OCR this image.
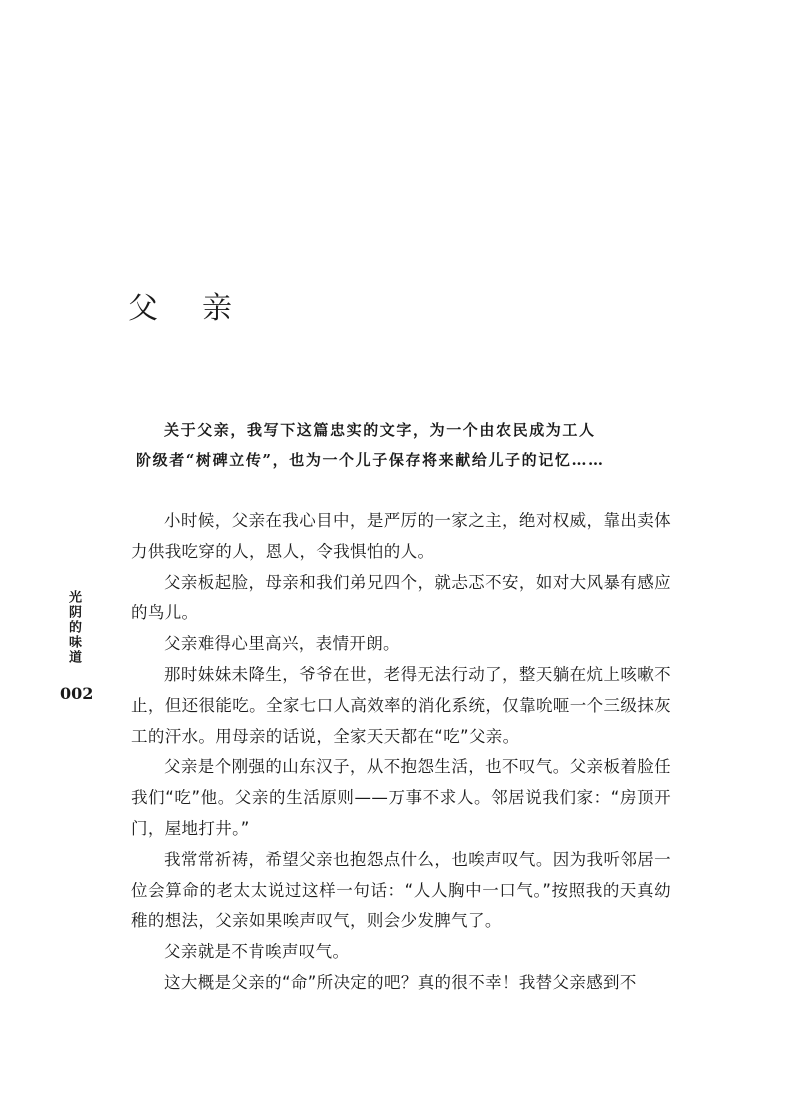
父 亲

关于父亲，我写下这篇忠实的文字，为一个由农民成为工人

阶级者“树碑立传”，也为一个儿子保存将来献给儿子的记忆……

小时候，父亲在我心目中，是严厉的一家之主，绝对权威，靠出卖体力供我吃穿的人，恩人，令我惧怕的人。

父亲板起脸，母亲和我们弟兄四个，就忐忑不安，如对大风暴有感应的鸟儿。

父亲难得心里高兴，表情开朗。

那时妹妹未降生，爷爷在世，老得无法行动了，整天躺在炕上咳嗽不止，但还很能吃。全家七口人高效率的消化系统，仅靠吮咂一个三级抹灰工的汗水。用母亲的话说，全家天天都在“吃”父亲。

父亲是个刚强的山东汉子，从不抱怨生活，也不叹气。父亲板着脸任我们“吃”他。父亲的生活原则——万事不求人。邻居说我们家：“房顶开门，屋地打井。”

我常常祈祷，希望父亲也抱怨点什么，也唉声叹气。因为我听邻居一位会算命的老太太说过这样一句话：“人人胸中一口气。”按照我的天真幼稚的想法，父亲如果唉声叹气，则会少发脾气了。

父亲就是不肯唉声叹气。

这大概是父亲的“命”所决定的吧？真的很不幸！我替父亲感到不

光阴的味道
002
